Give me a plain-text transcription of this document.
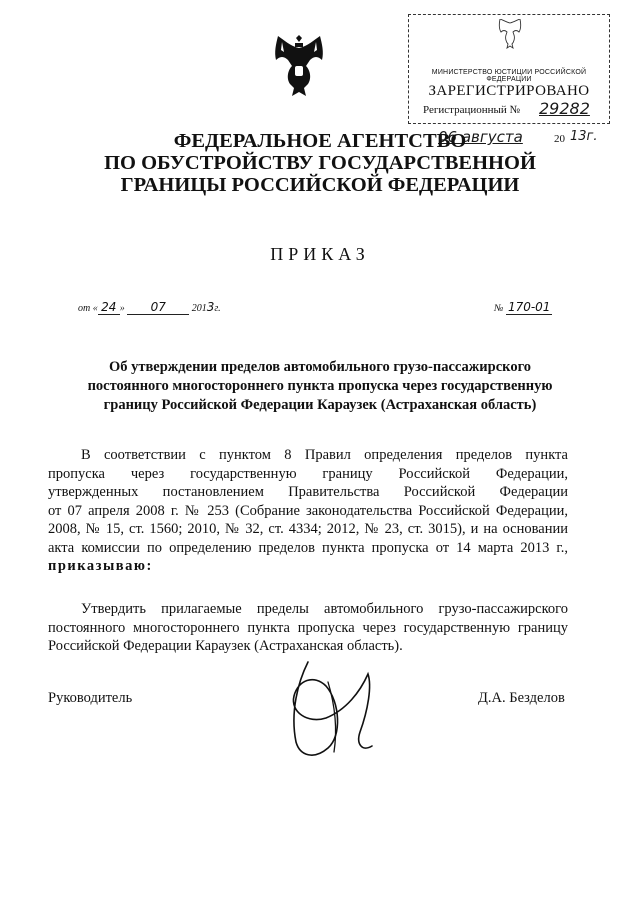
МИНИСТЕРСТВО ЮСТИЦИИ РОССИЙСКОЙ ФЕДЕРАЦИИ
ЗАРЕГИСТРИРОВАНО
Регистрационный № 29282
06 августа	20 13г.
ФЕДЕРАЛЬНОЕ АГЕНТСТВО
ПО ОБУСТРОЙСТВУ ГОСУДАРСТВЕННОЙ
ГРАНИЦЫ РОССИЙСКОЙ ФЕДЕРАЦИИ
ПРИКАЗ
от « 24 » 07	2013г.	№ 170-01
Об утверждении пределов автомобильного грузо-пассажирского
постоянного многостороннего пункта пропуска через государственную
границу Российской Федерации Караузек (Астраханская область)
В соответствии с пунктом 8 Правил определения пределов пункта
пропуска через государственную границу Российской Федерации,
утвержденных постановлением Правительства Российской Федерации
от 07 апреля 2008 г. № 253 (Собрание законодательства Российской Федерации,
2008, № 15, ст. 1560; 2010, № 32, ст. 4334; 2012, № 23, ст. 3015), и на основании
акта комиссии по определению пределов пункта пропуска от 14 марта 2013 г.,
приказываю:
Утвердить прилагаемые пределы автомобильного грузо-пассажирского
постоянного многостороннего пункта пропуска через государственную границу
Российской Федерации Караузек (Астраханская область).
Руководитель	Д.А. Безделов
